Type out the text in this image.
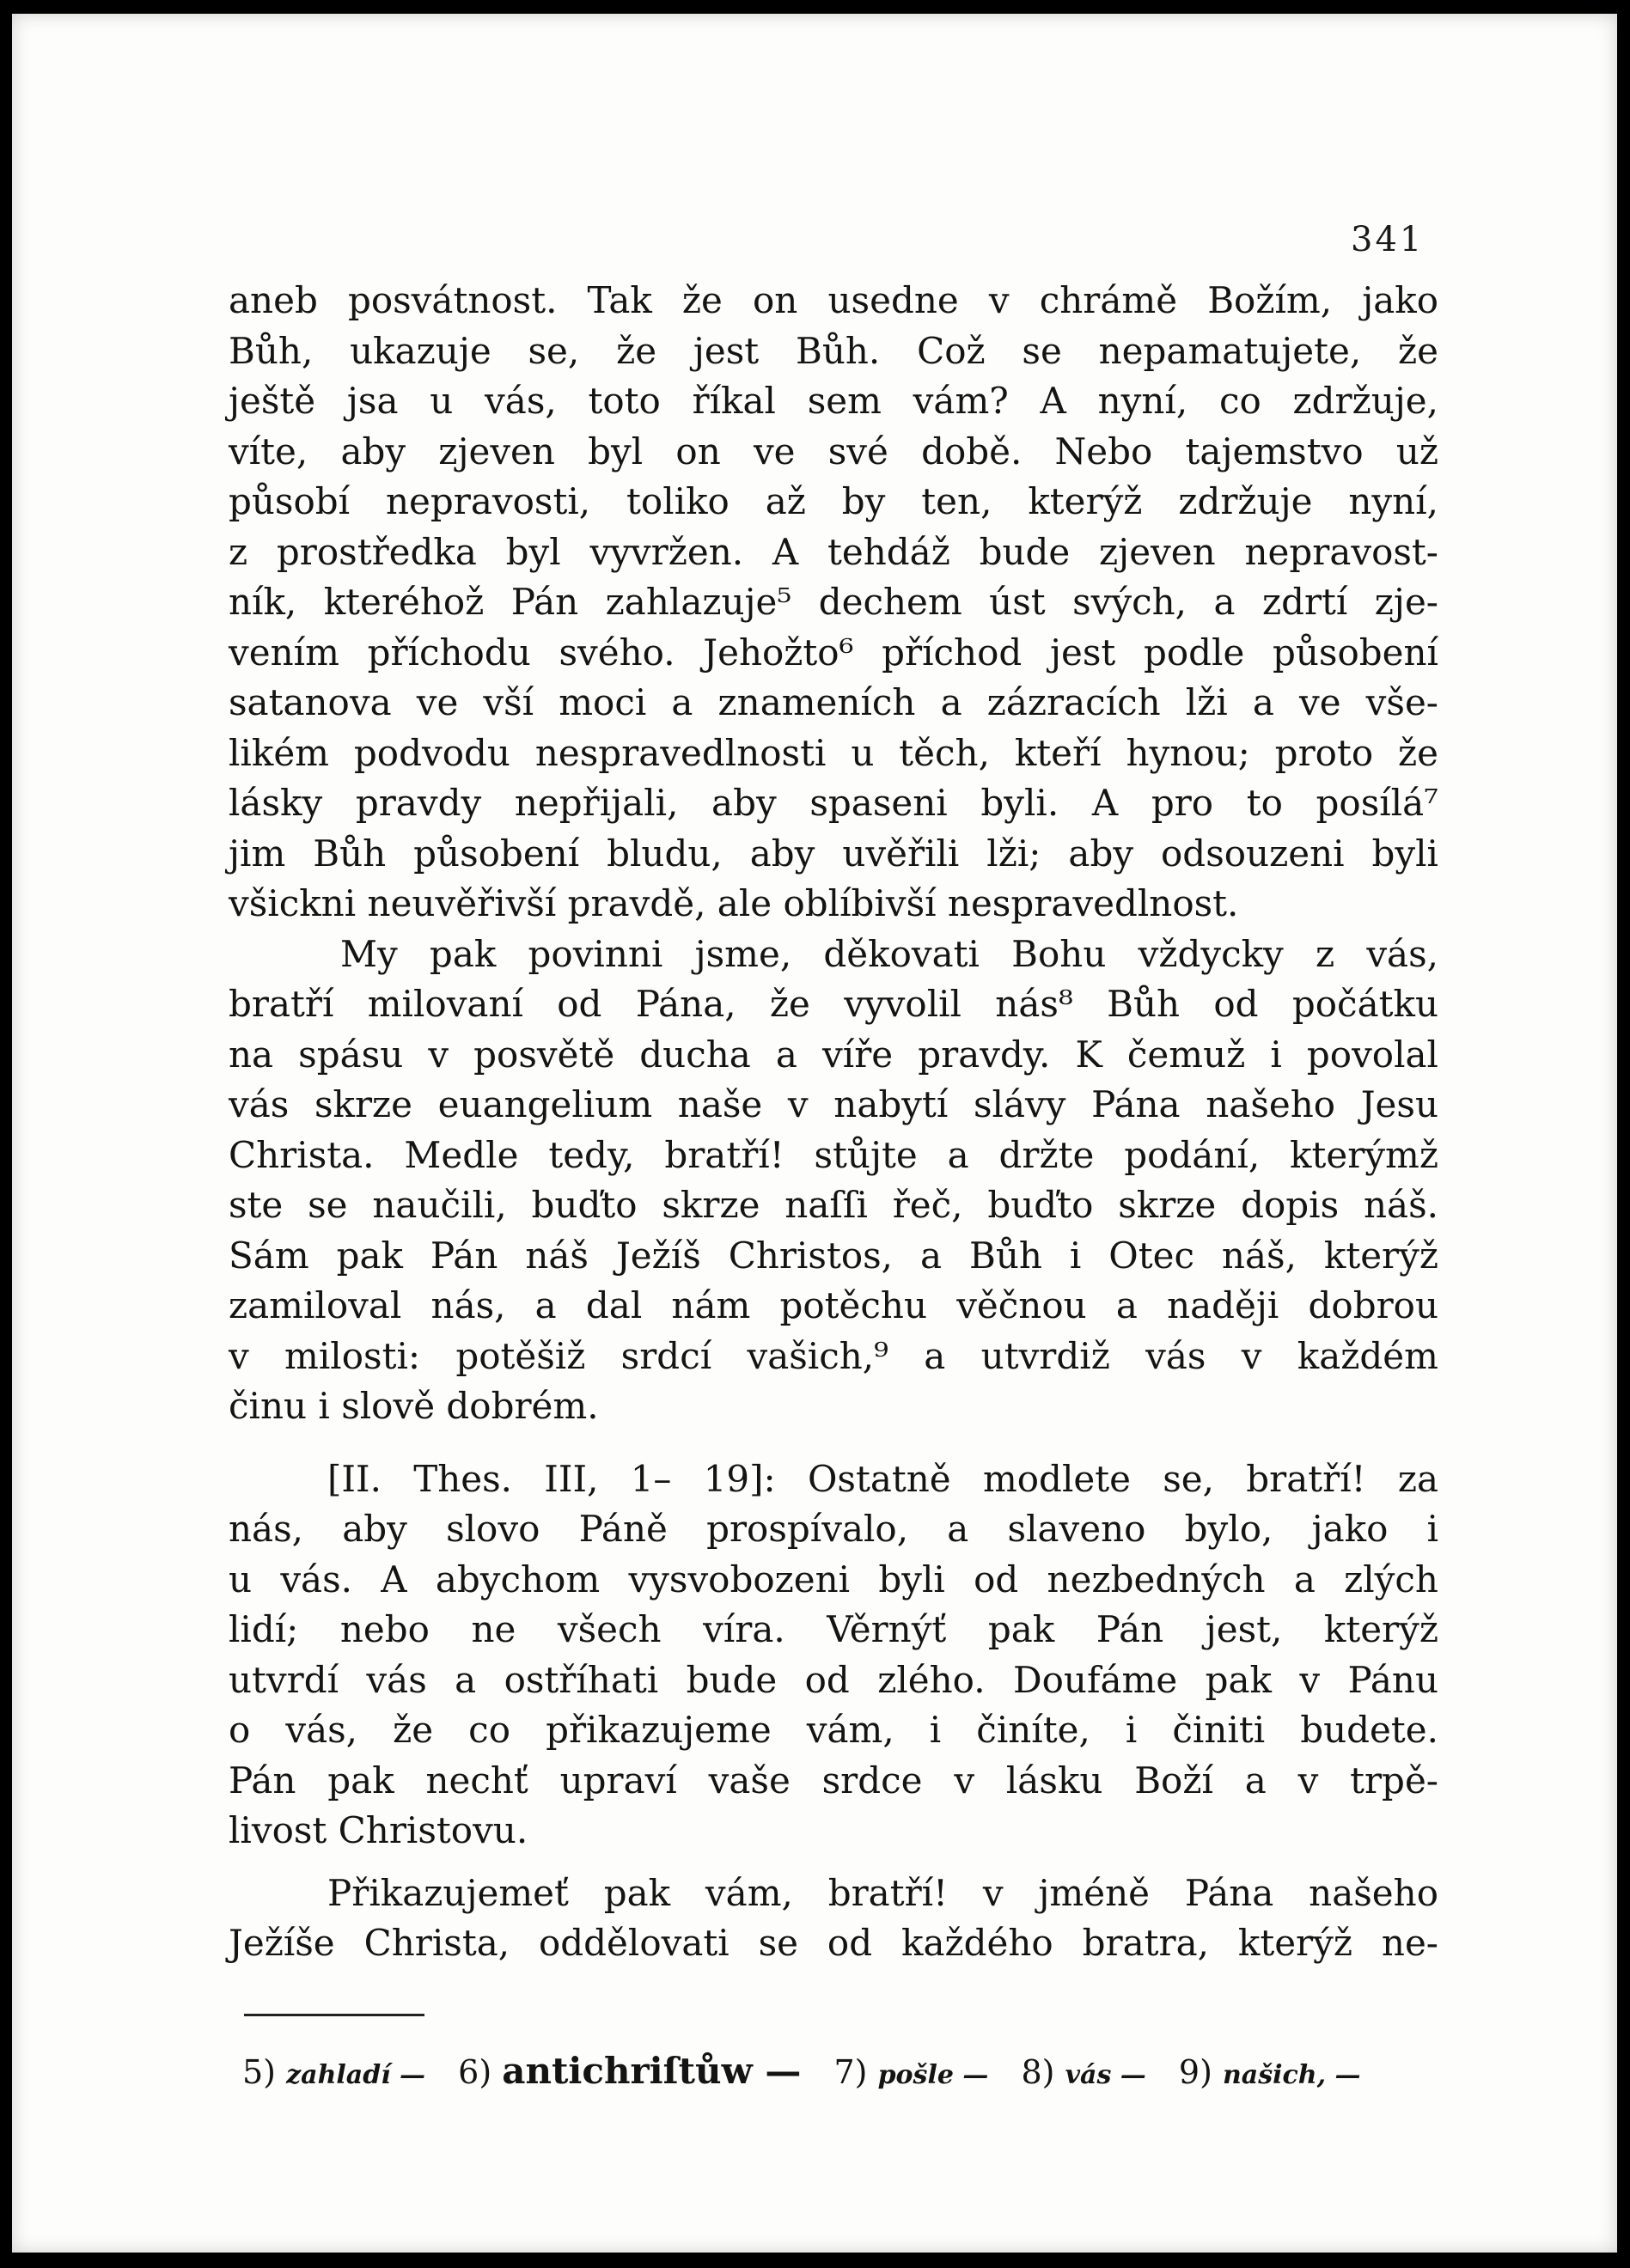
341
aneb posvátnost. Tak že on usedne v chrámě Božím, jako
Bůh, ukazuje se, že jest Bůh. Což se nepamatujete, že
ještě jsa u vás, toto říkal sem vám? A nyní, co zdržuje,
víte, aby zjeven byl on ve své době. Nebo tajemstvo už
působí nepravosti, toliko až by ten, kterýž zdržuje nyní,
z prostředka byl vyvržen. A tehdáž bude zjeven nepravost-
ník, kteréhož Pán zahlazuje⁵ dechem úst svých, a zdrtí zje-
vením příchodu svého. Jehožto⁶ příchod jest podle působení
satanova ve vší moci a znameních a zázracích lži a ve vše-
likém podvodu nespravedlnosti u těch, kteří hynou; proto že
lásky pravdy nepřijali, aby spaseni byli. A pro to posílá⁷
jim Bůh působení bludu, aby uvěřili lži; aby odsouzeni byli
všickni neuvěřivší pravdě, ale oblíbivší nespravedlnost.
My pak povinni jsme, děkovati Bohu vždycky z vás,
bratří milovaní od Pána, že vyvolil nás⁸ Bůh od počátku
na spásu v posvětě ducha a víře pravdy. K čemuž i povolal
vás skrze euangelium naše v nabytí slávy Pána našeho Jesu
Christa. Medle tedy, bratří! stůjte a držte podání, kterýmž
ste se naučili, buďto skrze naſſi řeč, buďto skrze dopis náš.
Sám pak Pán náš Ježíš Christos, a Bůh i Otec náš, kterýž
zamiloval nás, a dal nám potěchu věčnou a naději dobrou
v milosti: potěšiž srdcí vašich,⁹ a utvrdiž vás v každém
činu i slově dobrém.
[II. Thes. III, 1– 19]: Ostatně modlete se, bratří! za
nás, aby slovo Páně prospívalo, a slaveno bylo, jako i
u vás. A abychom vysvobozeni byli od nezbedných a zlých
lidí; nebo ne všech víra. Věrnýť pak Pán jest, kterýž
utvrdí vás a ostříhati bude od zlého. Doufáme pak v Pánu
o vás, že co přikazujeme vám, i činíte, i činiti budete.
Pán pak nechť upraví vaše srdce v lásku Boží a v trpě-
livost Christovu.
Přikazujemeť pak vám, bratří! v jméně Pána našeho
Ježíše Christa, oddělovati se od každého bratra, kterýž ne-
5) zahladí — 6) antichriſtůw — 7) pošle — 8) vás — 9) našich, —
